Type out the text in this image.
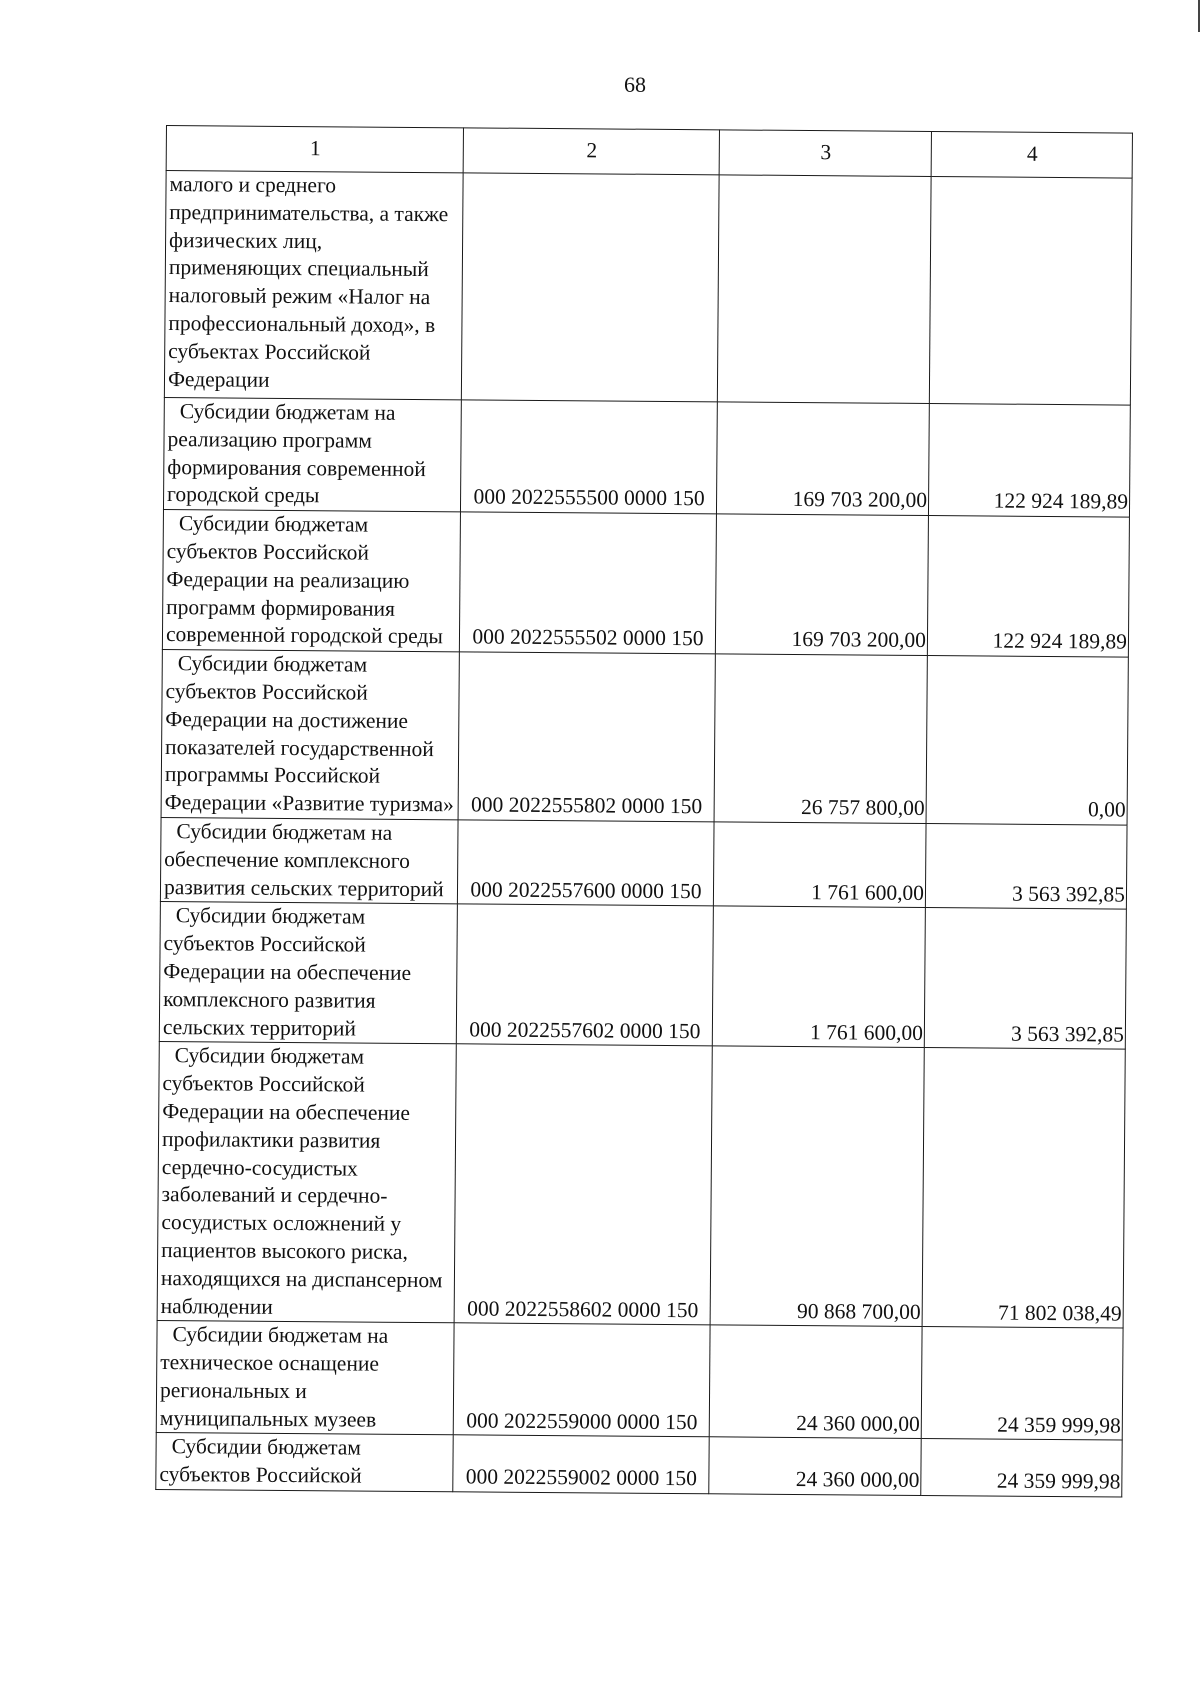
68
1	2	3	4
малого и среднего предпринимательства, а также физических лиц, применяющих специальный налоговый режим «Налог на профессиональный доход», в субъектах Российской Федерации			
Субсидии бюджетам на реализацию программ формирования современной городской среды	000 2022555500 0000 150	169 703 200,00	122 924 189,89
Субсидии бюджетам субъектов Российской Федерации на реализацию программ формирования современной городской среды	000 2022555502 0000 150	169 703 200,00	122 924 189,89
Субсидии бюджетам субъектов Российской Федерации на достижение показателей государственной программы Российской Федерации «Развитие туризма»	000 2022555802 0000 150	26 757 800,00	0,00
Субсидии бюджетам на обеспечение комплексного развития сельских территорий	000 2022557600 0000 150	1 761 600,00	3 563 392,85
Субсидии бюджетам субъектов Российской Федерации на обеспечение комплексного развития сельских территорий	000 2022557602 0000 150	1 761 600,00	3 563 392,85
Субсидии бюджетам субъектов Российской Федерации на обеспечение профилактики развития сердечно-сосудистых заболеваний и сердечно-сосудистых осложнений у пациентов высокого риска, находящихся на диспансерном наблюдении	000 2022558602 0000 150	90 868 700,00	71 802 038,49
Субсидии бюджетам на техническое оснащение региональных и муниципальных музеев	000 2022559000 0000 150	24 360 000,00	24 359 999,98
Субсидии бюджетам субъектов Российской	000 2022559002 0000 150	24 360 000,00	24 359 999,98
